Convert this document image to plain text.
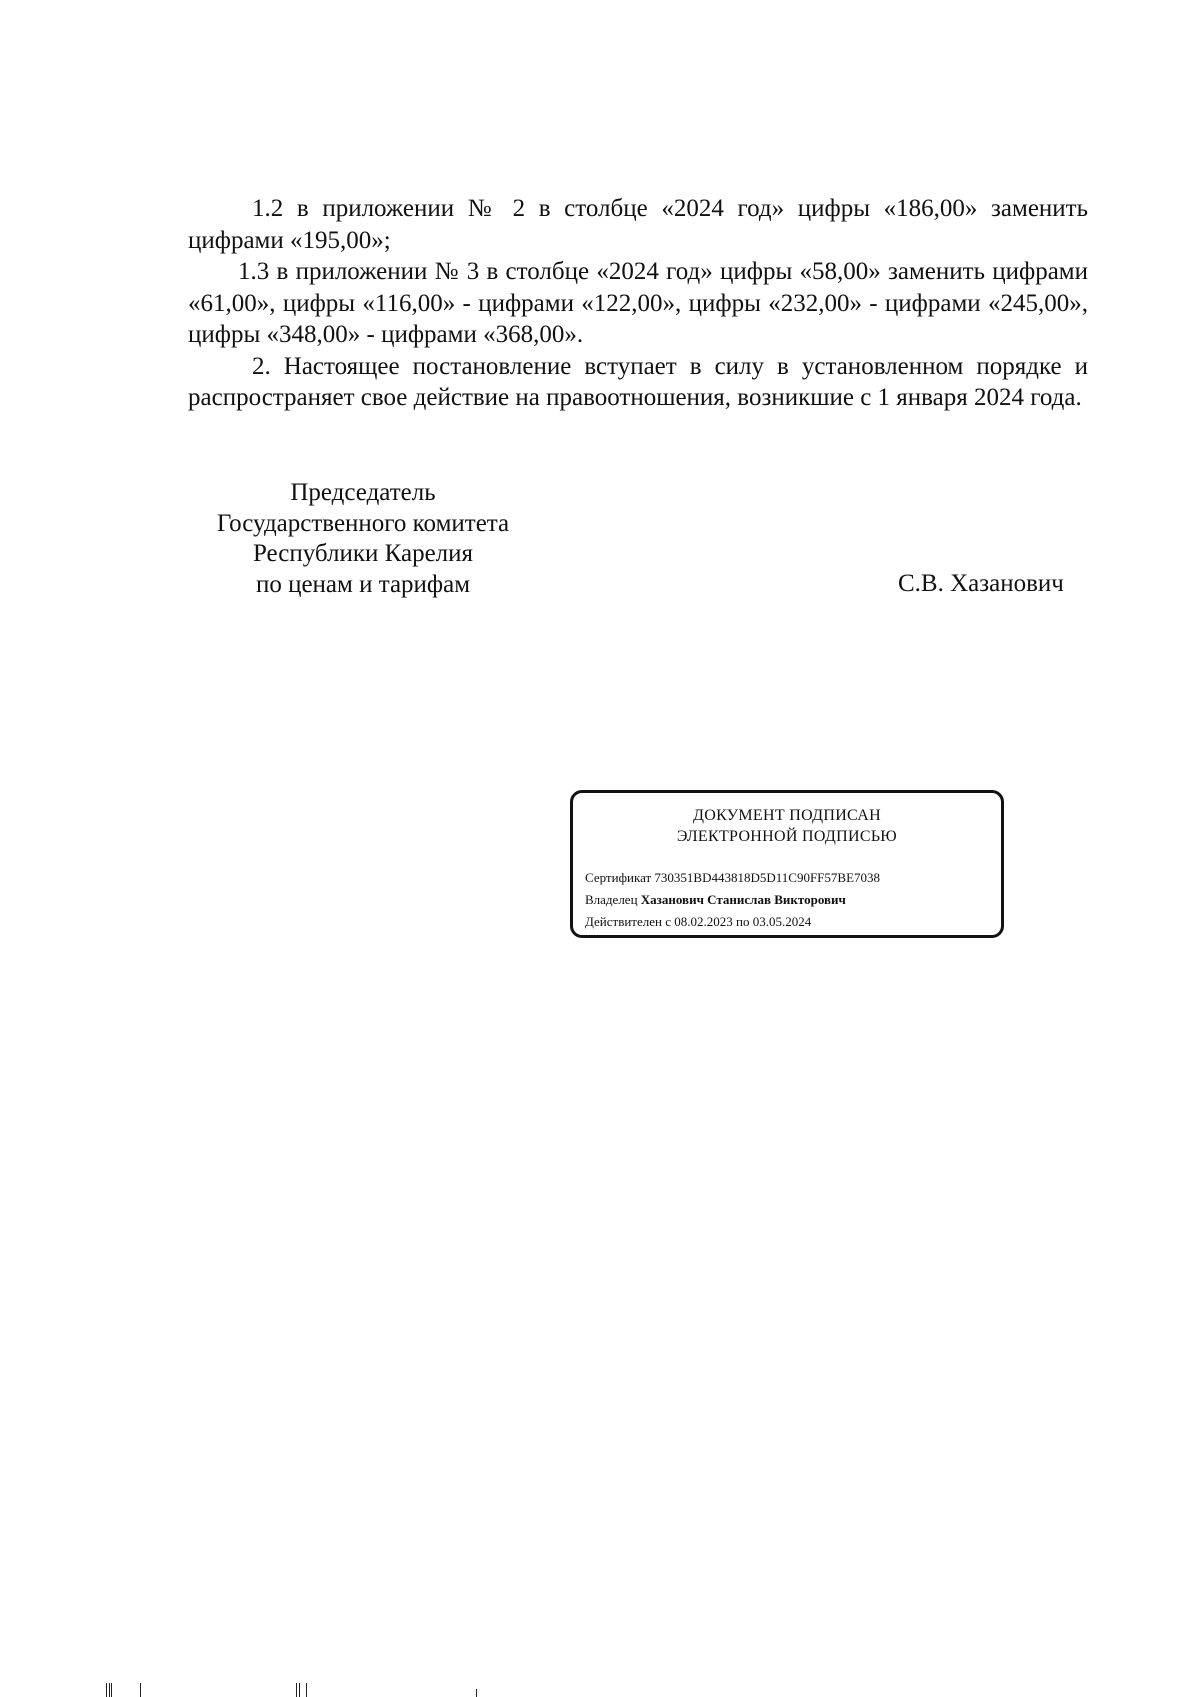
1.2 в приложении № 2 в столбце «2024 год» цифры «186,00» заменить цифрами «195,00»;

1.3 в приложении № 3 в столбце «2024 год» цифры «58,00» заменить цифрами «61,00», цифры «116,00» - цифрами «122,00», цифры «232,00» - цифрами «245,00», цифры «348,00» - цифрами «368,00».

2. Настоящее постановление вступает в силу в установленном порядке и распространяет свое действие на правоотношения, возникшие с 1 января 2024 года.

Председатель
Государственного комитета
Республики Карелия
по ценам и тарифам	С.В. Хазанович
ДОКУМЕНТ ПОДПИСАН
ЭЛЕКТРОННОЙ ПОДПИСЬЮ
Сертификат 730351BD443818D5D11C90FF57BE7038
Владелец Хазанович Станислав Викторович
Действителен с 08.02.2023 по 03.05.2024
